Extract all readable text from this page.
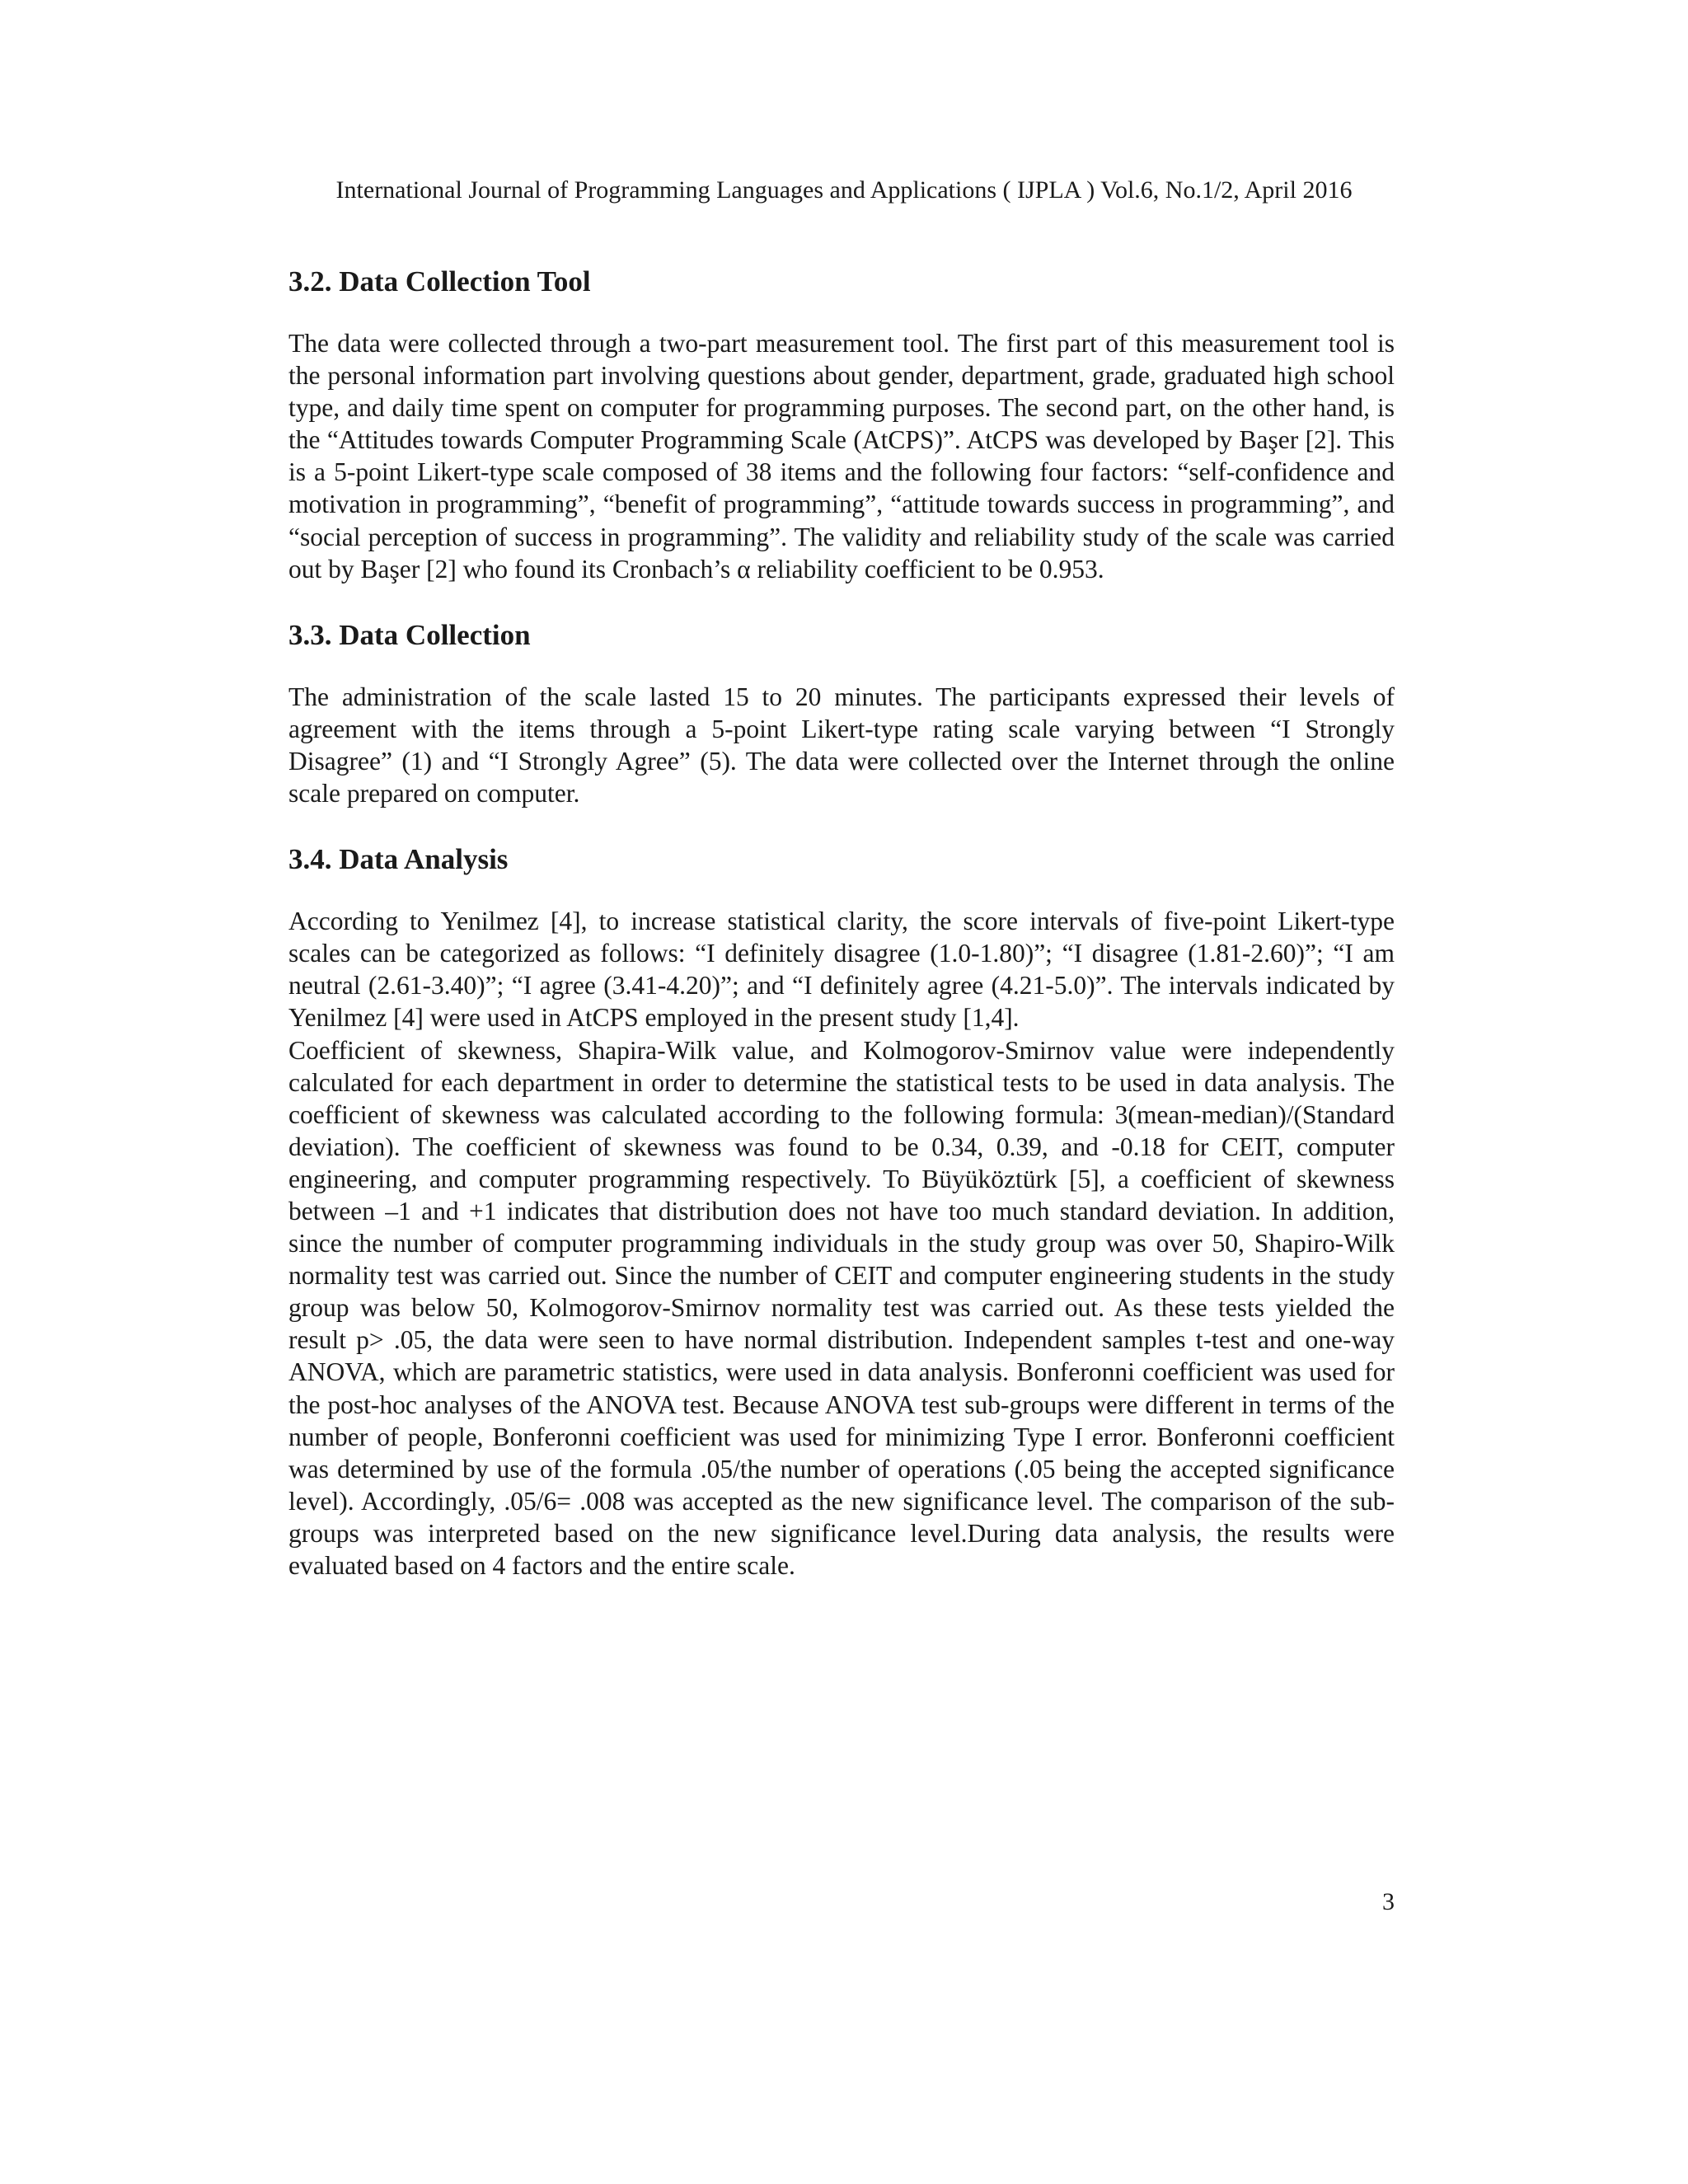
International Journal of Programming Languages and Applications ( IJPLA ) Vol.6, No.1/2, April 2016
3.2. Data Collection Tool

The data were collected through a two-part measurement tool. The first part of this measurement tool is the personal information part involving questions about gender, department, grade, graduated high school type, and daily time spent on computer for programming purposes. The second part, on the other hand, is the “Attitudes towards Computer Programming Scale (AtCPS)”. AtCPS was developed by Başer [2]. This is a 5-point Likert-type scale composed of 38 items and the following four factors: “self-confidence and motivation in programming”, “benefit of programming”, “attitude towards success in programming”, and “social perception of success in programming”. The validity and reliability study of the scale was carried out by Başer [2] who found its Cronbach’s α reliability coefficient to be 0.953.

3.3. Data Collection

The administration of the scale lasted 15 to 20 minutes. The participants expressed their levels of agreement with the items through a 5-point Likert-type rating scale varying between “I Strongly Disagree” (1) and “I Strongly Agree” (5). The data were collected over the Internet through the online scale prepared on computer.

3.4. Data Analysis

According to Yenilmez [4], to increase statistical clarity, the score intervals of five-point Likert-type scales can be categorized as follows: “I definitely disagree (1.0-1.80)”; “I disagree (1.81-2.60)”; “I am neutral (2.61-3.40)”; “I agree (3.41-4.20)”; and “I definitely agree (4.21-5.0)”. The intervals indicated by Yenilmez [4] were used in AtCPS employed in the present study [1,4].

Coefficient of skewness, Shapira-Wilk value, and Kolmogorov-Smirnov value were independently calculated for each department in order to determine the statistical tests to be used in data analysis. The coefficient of skewness was calculated according to the following formula: 3(mean-median)/(Standard deviation). The coefficient of skewness was found to be 0.34, 0.39, and -0.18 for CEIT, computer engineering, and computer programming respectively. To Büyüköztürk [5], a coefficient of skewness between –1 and +1 indicates that distribution does not have too much standard deviation. In addition, since the number of computer programming individuals in the study group was over 50, Shapiro-Wilk normality test was carried out. Since the number of CEIT and computer engineering students in the study group was below 50, Kolmogorov-Smirnov normality test was carried out. As these tests yielded the result p> .05, the data were seen to have normal distribution. Independent samples t-test and one-way ANOVA, which are parametric statistics, were used in data analysis. Bonferonni coefficient was used for the post-hoc analyses of the ANOVA test. Because ANOVA test sub-groups were different in terms of the number of people, Bonferonni coefficient was used for minimizing Type I error. Bonferonni coefficient was determined by use of the formula .05/the number of operations (.05 being the accepted significance level). Accordingly, .05/6= .008 was accepted as the new significance level. The comparison of the sub-groups was interpreted based on the new significance level.During data analysis, the results were evaluated based on 4 factors and the entire scale.

3
